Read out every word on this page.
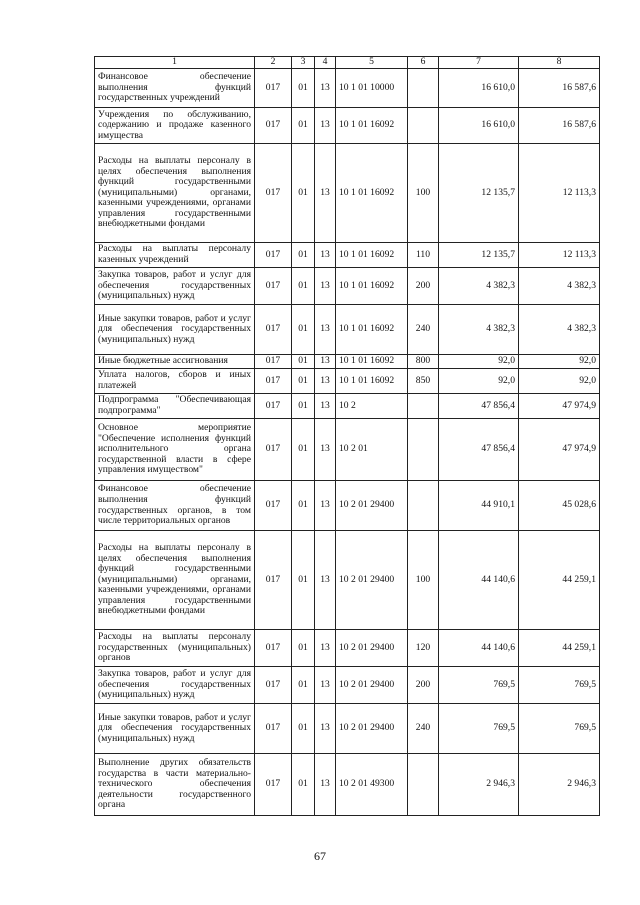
1	2	3	4	5	6	7	8
Финансовое обеспечение выполнения функций государственных учреждений	017	01	13	10 1 01 10000		16 610,0	16 587,6
Учреждения по обслуживанию, содержанию и продаже казенного имущества	017	01	13	10 1 01 16092		16 610,0	16 587,6
Расходы на выплаты персоналу в целях обеспечения выполнения функций государственными (муниципальными) органами, казенными учреждениями, органами управления государственными внебюджетными фондами	017	01	13	10 1 01 16092	100	12 135,7	12 113,3
Расходы на выплаты персоналу казенных учреждений	017	01	13	10 1 01 16092	110	12 135,7	12 113,3
Закупка товаров, работ и услуг для обеспечения государственных (муниципальных) нужд	017	01	13	10 1 01 16092	200	4 382,3	4 382,3
Иные закупки товаров, работ и услуг для обеспечения государственных (муниципальных) нужд	017	01	13	10 1 01 16092	240	4 382,3	4 382,3
Иные бюджетные ассигнования	017	01	13	10 1 01 16092	800	92,0	92,0
Уплата налогов, сборов и иных платежей	017	01	13	10 1 01 16092	850	92,0	92,0
Подпрограмма "Обеспечивающая подпрограмма"	017	01	13	10 2		47 856,4	47 974,9
Основное мероприятие "Обеспечение исполнения функций исполнительного органа государственной власти в сфере управления имуществом"	017	01	13	10 2 01		47 856,4	47 974,9
Финансовое обеспечение выполнения функций государственных органов, в том числе территориальных органов	017	01	13	10 2 01 29400		44 910,1	45 028,6
Расходы на выплаты персоналу в целях обеспечения выполнения функций государственными (муниципальными) органами, казенными учреждениями, органами управления государственными внебюджетными фондами	017	01	13	10 2 01 29400	100	44 140,6	44 259,1
Расходы на выплаты персоналу государственных (муниципальных) органов	017	01	13	10 2 01 29400	120	44 140,6	44 259,1
Закупка товаров, работ и услуг для обеспечения государственных (муниципальных) нужд	017	01	13	10 2 01 29400	200	769,5	769,5
Иные закупки товаров, работ и услуг для обеспечения государственных (муниципальных) нужд	017	01	13	10 2 01 29400	240	769,5	769,5
Выполнение других обязательств государства в части материально-технического обеспечения деятельности государственного органа	017	01	13	10 2 01 49300		2 946,3	2 946,3
67
